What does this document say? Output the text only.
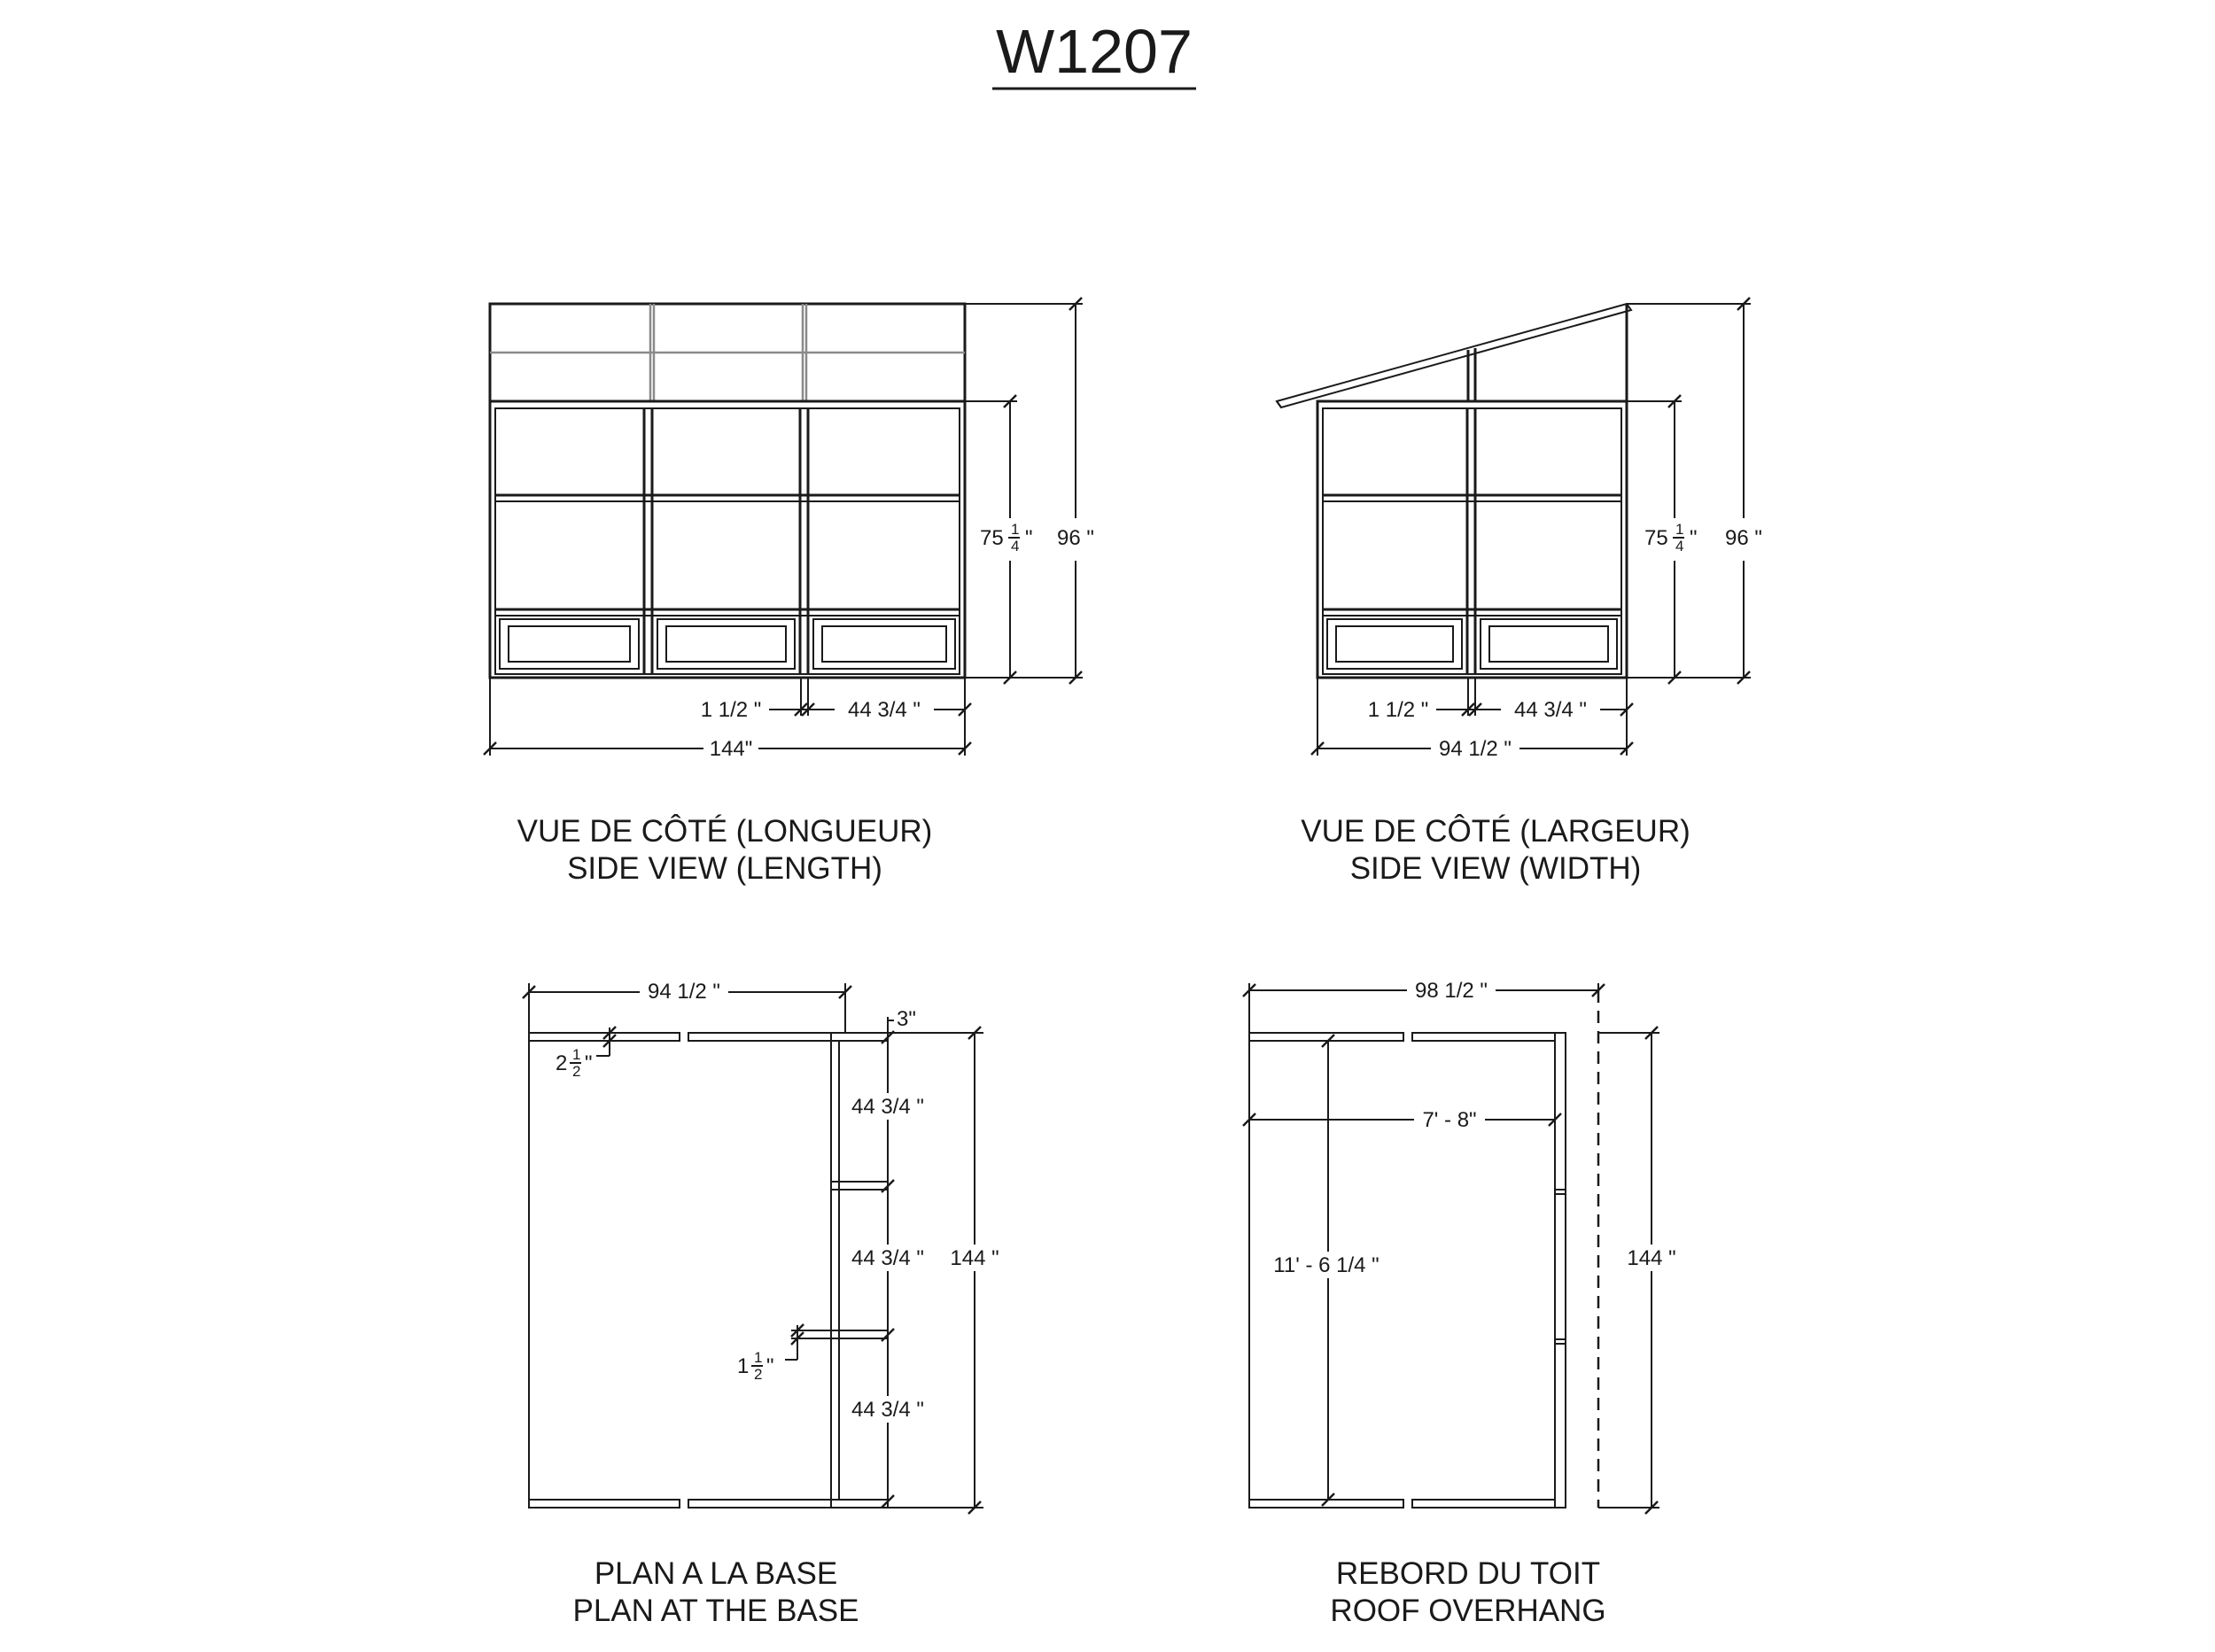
W1207
75 1
4 " 96 "
1 1/2 "	44 3/4 "
144"
VUE DE CÔTÉ (LONGUEUR)
SIDE VIEW (LENGTH)
75 1
4 " 96 "
1 1/2 "	44 3/4 "
94 1/2 "
VUE DE CÔTÉ (LARGEUR)
SIDE VIEW (WIDTH)
94 1/2 "
3"
2 1
2 "
44 3/4 "
44 3/4 "
44 3/4 "
144 "
1 1
2 "
PLAN A LA BASE
PLAN AT THE BASE
98 1/2 "
7' - 8"
11' - 6 1/4 "	144 "
REBORD DU TOIT
ROOF OVERHANG
